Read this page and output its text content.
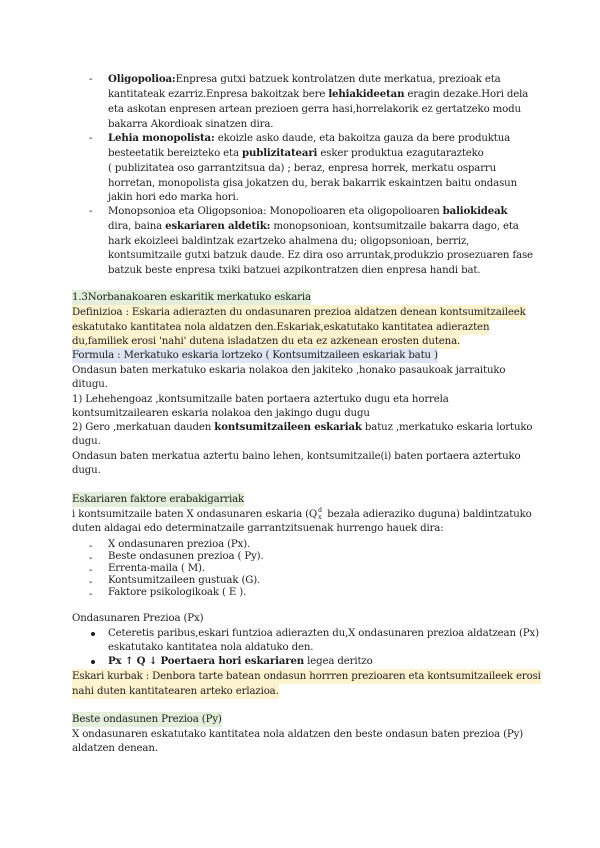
- Oligopolioa:Enpresa gutxi batzuek kontrolatzen dute merkatua, prezioak eta
kantitateak ezarriz.Enpresa bakoitzak bere lehiakideetan eragin dezake.Hori dela
eta askotan enpresen artean prezioen gerra hasi,horrelakorik ez gertatzeko modu
bakarra Akordioak sinatzen dira.
- Lehia monopolista: ekoizle asko daude, eta bakoitza gauza da bere produktua
besteetatik bereizteko eta publizitateari esker produktua ezagutarazteko
( publizitatea oso garrantzitsua da) ; beraz, enpresa horrek, merkatu osparru
horretan, monopolista gisa jokatzen du, berak bakarrik eskaintzen baitu ondasun
jakin hori edo marka hori.
- Monopsonioa eta Oligopsonioa: Monopolioaren eta oligopolioaren baliokideak
dira, baina eskariaren aldetik: monopsonioan, kontsumitzaile bakarra dago, eta
hark ekoizleei baldintzak ezartzeko ahalmena du; oligopsonioan, berriz,
kontsumitzaile gutxi batzuk daude. Ez dira oso arruntak,produkzio prosezuaren fase
batzuk beste enpresa txiki batzuei azpikontratzen dien enpresa handi bat.
1.3Norbanakoaren eskaritik merkatuko eskaria
Definizioa : Eskaria adierazten du ondasunaren prezioa aldatzen denean kontsumitzaileek
eskatutako kantitatea nola aldatzen den.Eskariak,eskatutako kantitatea adierazten
du,familiek erosi 'nahi' dutena isladatzen du eta ez azkenean erosten dutena.
Formula : Merkatuko eskaria lortzeko ( Kontsumitzaileen eskariak batu )
Ondasun baten merkatuko eskaria nolakoa den jakiteko ,honako pasaukoak jarraituko
ditugu.
1) Lehehengoaz ,kontsumitzaile baten portaera aztertuko dugu eta horrela
kontsumitzailearen eskaria nolakoa den jakingo dugu dugu
2) Gero ,merkatuan dauden kontsumitzaileen eskariak batuz ,merkatuko eskaria lortuko
dugu.
Ondasun baten merkatua aztertu baino lehen, kontsumitzaile(i) baten portaera aztertuko
dugu.
Eskariaren faktore erabakigarriak
i kontsumitzaile baten X ondasunaren eskaria (Q d
x bezala adieraziko duguna) baldintzatuko
duten aldagai edo determinatzaile garrantzitsuenak hurrengo hauek dira:
- X ondasunaren prezioa (Px).
- Beste ondasunen prezioa ( Py).
- Errenta-maila ( M).
- Kontsumitzaileen gustuak (G).
- Faktore psikologikoak ( E ).
Ondasunaren Prezioa (Px)
Ceteretis paribus,eskari funtzioa adierazten du,X ondasunaren prezioa aldatzean (Px)
eskatutako kantitatea nola aldatuko den.
Px ↑ Q ↓ Poertaera hori eskariaren legea deritzo
Eskari kurbak : Denbora tarte batean ondasun horrren prezioaren eta kontsumitzaileek erosi
nahi duten kantitatearen arteko erlazioa.
Beste ondasunen Prezioa (Py)
X ondasunaren eskatutako kantitatea nola aldatzen den beste ondasun baten prezioa (Py)
aldatzen denean.
